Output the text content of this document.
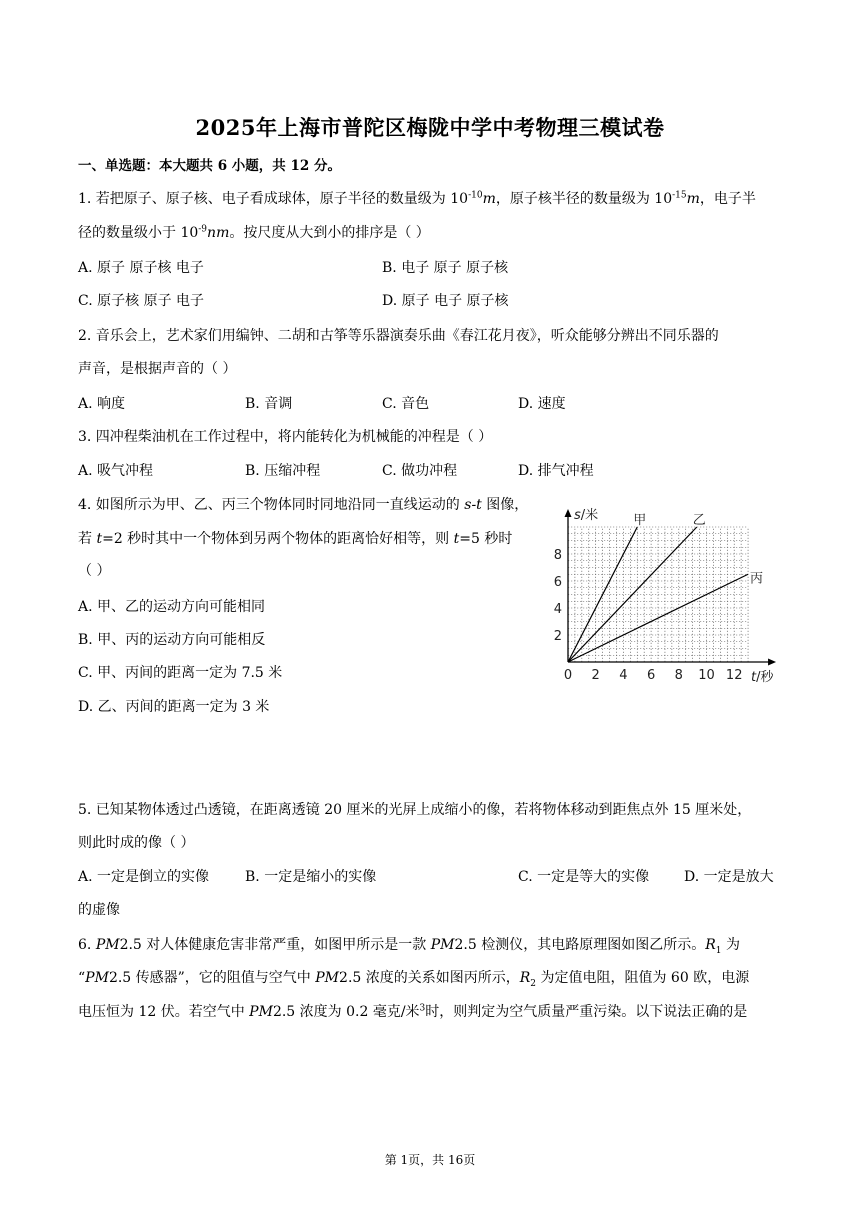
2025年上海市普陀区梅陇中学中考物理三模试卷
一、单选题：本大题共 6 小题，共 12 分。
1. 若把原子、原子核、电子看成球体，原子半径的数量级为 $10^{-10}m$，原子核半径的数量级为 $10^{-15}m$，电子半
径的数量级小于 $10^{-9}nm$。按尺度从大到小的排序是（ ）
A. 原子 原子核 电子	B. 电子 原子 原子核
C. 原子核 原子 电子	D. 原子 电子 原子核
2. 音乐会上，艺术家们用编钟、二胡和古筝等乐器演奏乐曲《春江花月夜》，听众能够分辨出不同乐器的
声音，是根据声音的（ ）
A. 响度	B. 音调	C. 音色	D. 速度
3. 四冲程柴油机在工作过程中，将内能转化为机械能的冲程是（ ）
A. 吸气冲程	B. 压缩冲程	C. 做功冲程	D. 排气冲程
4. 如图所示为甲、乙、丙三个物体同时同地沿同一直线运动的 s-t 图像，
若 t=2 秒时其中一个物体到另两个物体的距离恰好相等，则 t=5 秒时
（ ）
A. 甲、乙的运动方向可能相同
B. 甲、丙的运动方向可能相反
C. 甲、丙间的距离一定为 7.5 米
D. 乙、丙间的距离一定为 3 米
甲	乙
丙
0 2 4 6 8 10 12
2
4
6
8
s/米
t/秒
5. 已知某物体透过凸透镜，在距离透镜 20 厘米的光屏上成缩小的像，若将物体移动到距焦点外 15 厘米处，
则此时成的像（ ）
A. 一定是倒立的实像	B. 一定是缩小的实像	C. 一定是等大的实像 D. 一定是放大
的虚像
6. PM2.5 对人体健康危害非常严重，如图甲所示是一款 PM2.5 检测仪，其电路原理图如图乙所示。$R_1$ 为
“PM2.5 传感器”，它的阻值与空气中 PM2.5 浓度的关系如图丙所示，$R_2$ 为定值电阻，阻值为 60 欧，电源
电压恒为 12 伏。若空气中 PM2.5 浓度为 0.2 毫克/米$^3$时，则判定为空气质量严重污染。以下说法正确的是
第 1页，共 16页
